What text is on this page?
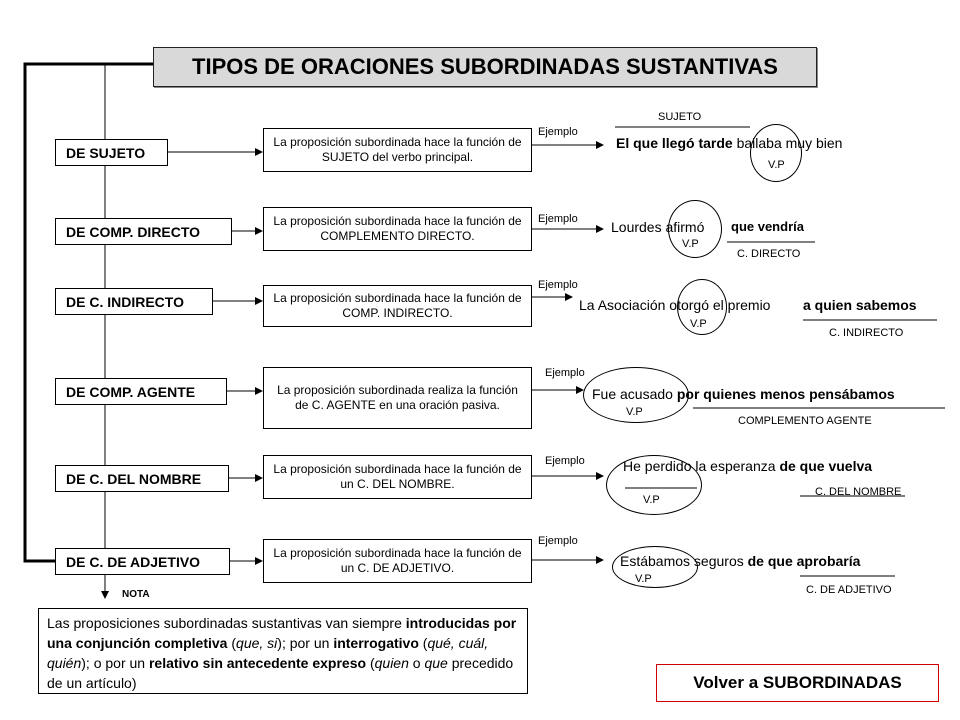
TIPOS DE ORACIONES SUBORDINADAS SUSTANTIVAS
DE SUJETO
DE COMP. DIRECTO
DE C. INDIRECTO
DE COMP. AGENTE
DE C. DEL NOMBRE
DE C. DE ADJETIVO
La proposición subordinada hace la función de SUJETO del verbo principal.
La proposición subordinada hace la función de COMPLEMENTO DIRECTO.
La proposición subordinada hace la función de COMP. INDIRECTO.
La proposición subordinada realiza la función de C. AGENTE en una oración pasiva.
La proposición subordinada hace la función de un C. DEL NOMBRE.
La proposición subordinada hace la función de un C. DE ADJETIVO.
Ejemplo
Ejemplo
Ejemplo
Ejemplo
Ejemplo
Ejemplo
SUJETO
El que llegó tarde bailaba muy bien
V.P
Lourdes afirmó que vendría
V.P
C. DIRECTO
La Asociación otorgó el premio a quien sabemos
V.P
C. INDIRECTO
Fue acusado por quienes menos pensábamos
V.P
COMPLEMENTO AGENTE
He perdido la esperanza de que vuelva
V.P
C. DEL NOMBRE
Estábamos seguros de que aprobaría
V.P
C. DE ADJETIVO
NOTA
Las proposiciones subordinadas sustantivas van siempre introducidas por una conjunción completiva (que, si); por un interrogativo (qué, cuál, quién); o por un relativo sin antecedente expreso (quien o que precedido de un artículo)	Volver a SUBORDINADAS
